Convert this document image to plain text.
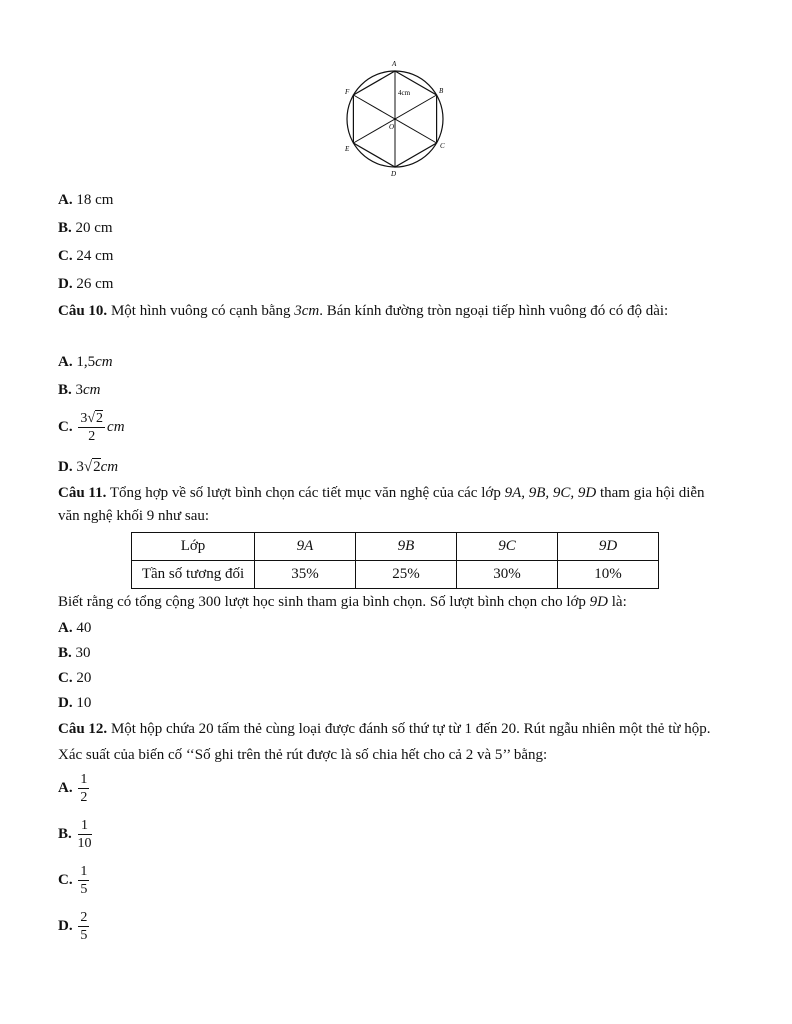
A
B
C
D
E
F
O
4cm
A. 18 cm
B. 20 cm
C. 24 cm
D. 26 cm
Câu 10. Một hình vuông có cạnh bằng 3cm. Bán kính đường tròn ngoại tiếp hình vuông đó có độ dài:
A. 1,5cm
B. 3cm
C. $\frac{3√2}{2}$ cm
D. 3√2cm
Câu 11. Tổng hợp về số lượt bình chọn các tiết mục văn nghệ của các lớp 9A, 9B, 9C, 9D tham gia hội diễn văn nghệ khối 9 như sau:
Lớp	9A	9B	9C	9D
Tần số tương đối	35%	25%	30%	10%
Biết rằng có tổng cộng 300 lượt học sinh tham gia bình chọn. Số lượt bình chọn cho lớp 9D là:
A. 40
B. 30
C. 20
D. 10
Câu 12. Một hộp chứa 20 tấm thẻ cùng loại được đánh số thứ tự từ 1 đến 20. Rút ngẫu nhiên một thẻ từ hộp. Xác suất của biến cố ‘‘Số ghi trên thẻ rút được là số chia hết cho cả 2 và 5’’ bằng:
A. $\frac{1}{2}$
B. $\frac{1}{10}$
C. $\frac{1}{5}$
D. $\frac{2}{5}$
